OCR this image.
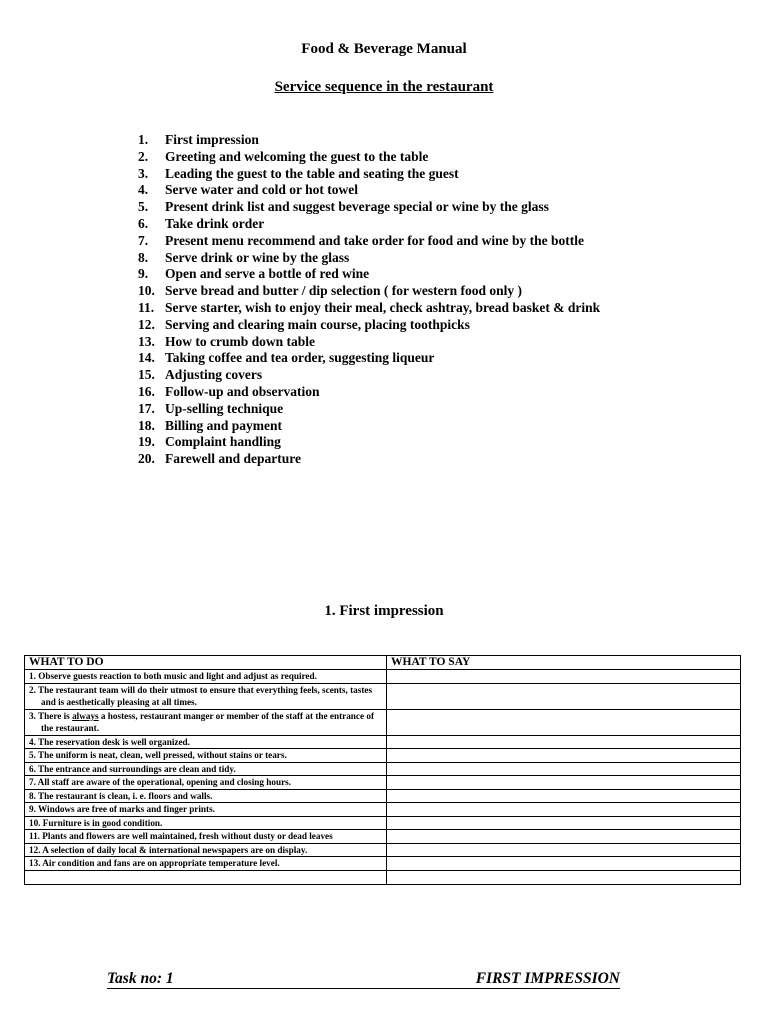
Food & Beverage Manual
Service sequence in the restaurant
1.	First impression
2.	Greeting and welcoming the guest to the table
3.	Leading the guest to the table and seating the guest
4.	Serve water and cold or hot towel
5.	Present drink list and suggest beverage special or wine by the glass
6.	Take drink order
7.	Present menu recommend and take order for food and wine by the bottle
8.	Serve drink or wine by the glass
9.	Open and serve a bottle of red wine
10. Serve bread and butter / dip selection ( for western food only )
11. Serve starter, wish to enjoy their meal, check ashtray, bread basket & drink
12. Serving and clearing main course, placing toothpicks
13. How to crumb down table
14. Taking coffee and tea order, suggesting liqueur
15. Adjusting covers
16. Follow-up and observation
17. Up-selling technique
18. Billing and payment
19. Complaint handling
20. Farewell and departure
1. First impression
WHAT TO DO	WHAT TO SAY

1. Observe guests reaction to both music and light and adjust as required.	

2. The restaurant team will do their utmost to ensure that everything feels, scents, tastes and is aesthetically pleasing at all times.	

3. There is always a hostess, restaurant manger or member of the staff at the entrance of the restaurant.	

4. The reservation desk is well organized.	

5. The uniform is neat, clean, well pressed, without stains or tears.	

6. The entrance and surroundings are clean and tidy.	

7. All staff are aware of the operational, opening and closing hours.	

8. The restaurant is clean, i. e. floors and walls.	

9. Windows are free of marks and finger prints.	

10. Furniture is in good condition.	

11. Plants and flowers are well maintained, fresh without dusty or dead leaves	

12. A selection of daily local & international newspapers are on display.	

13. Air condition and fans are on appropriate temperature level.	

Task no: 1	FIRST IMPRESSION
